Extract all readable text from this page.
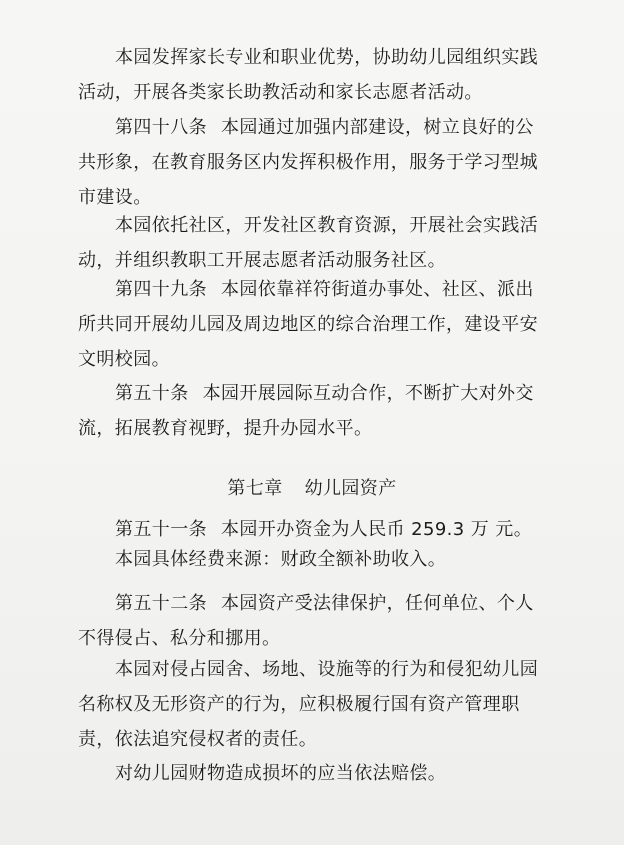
本园发挥家长专业和职业优势，协助幼儿园组织实践活动，开展各类家长助教活动和家长志愿者活动。

第四十八条 本园通过加强内部建设，树立良好的公共形象，在教育服务区内发挥积极作用，服务于学习型城市建设。

本园依托社区，开发社区教育资源，开展社会实践活动，并组织教职工开展志愿者活动服务社区。

第四十九条 本园依靠祥符街道办事处、社区、派出所共同开展幼儿园及周边地区的综合治理工作，建设平安文明校园。

第五十条 本园开展园际互动合作，不断扩大对外交流，拓展教育视野，提升办园水平。

第七章 幼儿园资产

第五十一条 本园开办资金为人民币 259.3 万 元。

本园具体经费来源：财政全额补助收入。

第五十二条 本园资产受法律保护，任何单位、个人不得侵占、私分和挪用。

本园对侵占园舍、场地、设施等的行为和侵犯幼儿园名称权及无形资产的行为，应积极履行国有资产管理职责，依法追究侵权者的责任。

对幼儿园财物造成损坏的应当依法赔偿。
